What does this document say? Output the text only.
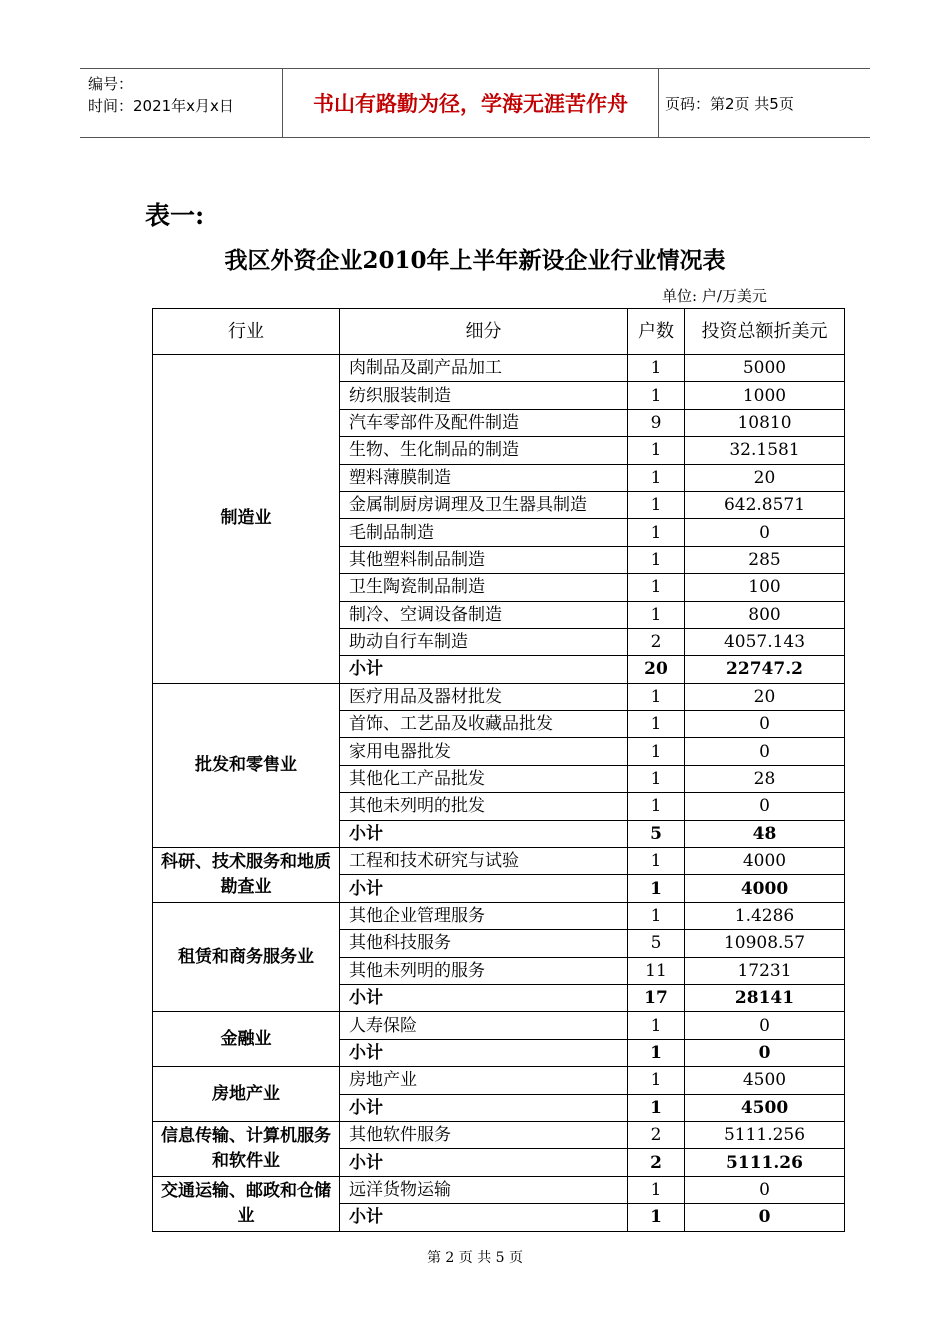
编号：
时间：2021年x月x日	书山有路勤为径，学海无涯苦作舟	页码：第2页 共5页
表一:
我区外资企业2010年上半年新设企业行业情况表
单位: 户/万美元
行业	细分	户数	投资总额折美元
制造业	肉制品及副产品加工	1	5000
	纺织服装制造	1	1000
	汽车零部件及配件制造	9	10810
	生物、生化制品的制造	1	32.1581
	塑料薄膜制造	1	20
	金属制厨房调理及卫生器具制造	1	642.8571
	毛制品制造	1	0
	其他塑料制品制造	1	285
	卫生陶瓷制品制造	1	100
	制冷、空调设备制造	1	800
	助动自行车制造	2	4057.143
	小计	20	22747.2
批发和零售业	医疗用品及器材批发	1	20
	首饰、工艺品及收藏品批发	1	0
	家用电器批发	1	0
	其他化工产品批发	1	28
	其他未列明的批发	1	0
	小计	5	48
科研、技术服务和地质勘查业	工程和技术研究与试验	1	4000
	小计	1	4000
租赁和商务服务业	其他企业管理服务	1	1.4286
	其他科技服务	5	10908.57
	其他未列明的服务	11	17231
	小计	17	28141
金融业	人寿保险	1	0
	小计	1	0
房地产业	房地产业	1	4500
	小计	1	4500
信息传输、计算机服务和软件业	其他软件服务	2	5111.256
	小计	2	5111.26
交通运输、邮政和仓储业	远洋货物运输	1	0
	小计	1	0
第 2 页 共 5 页
